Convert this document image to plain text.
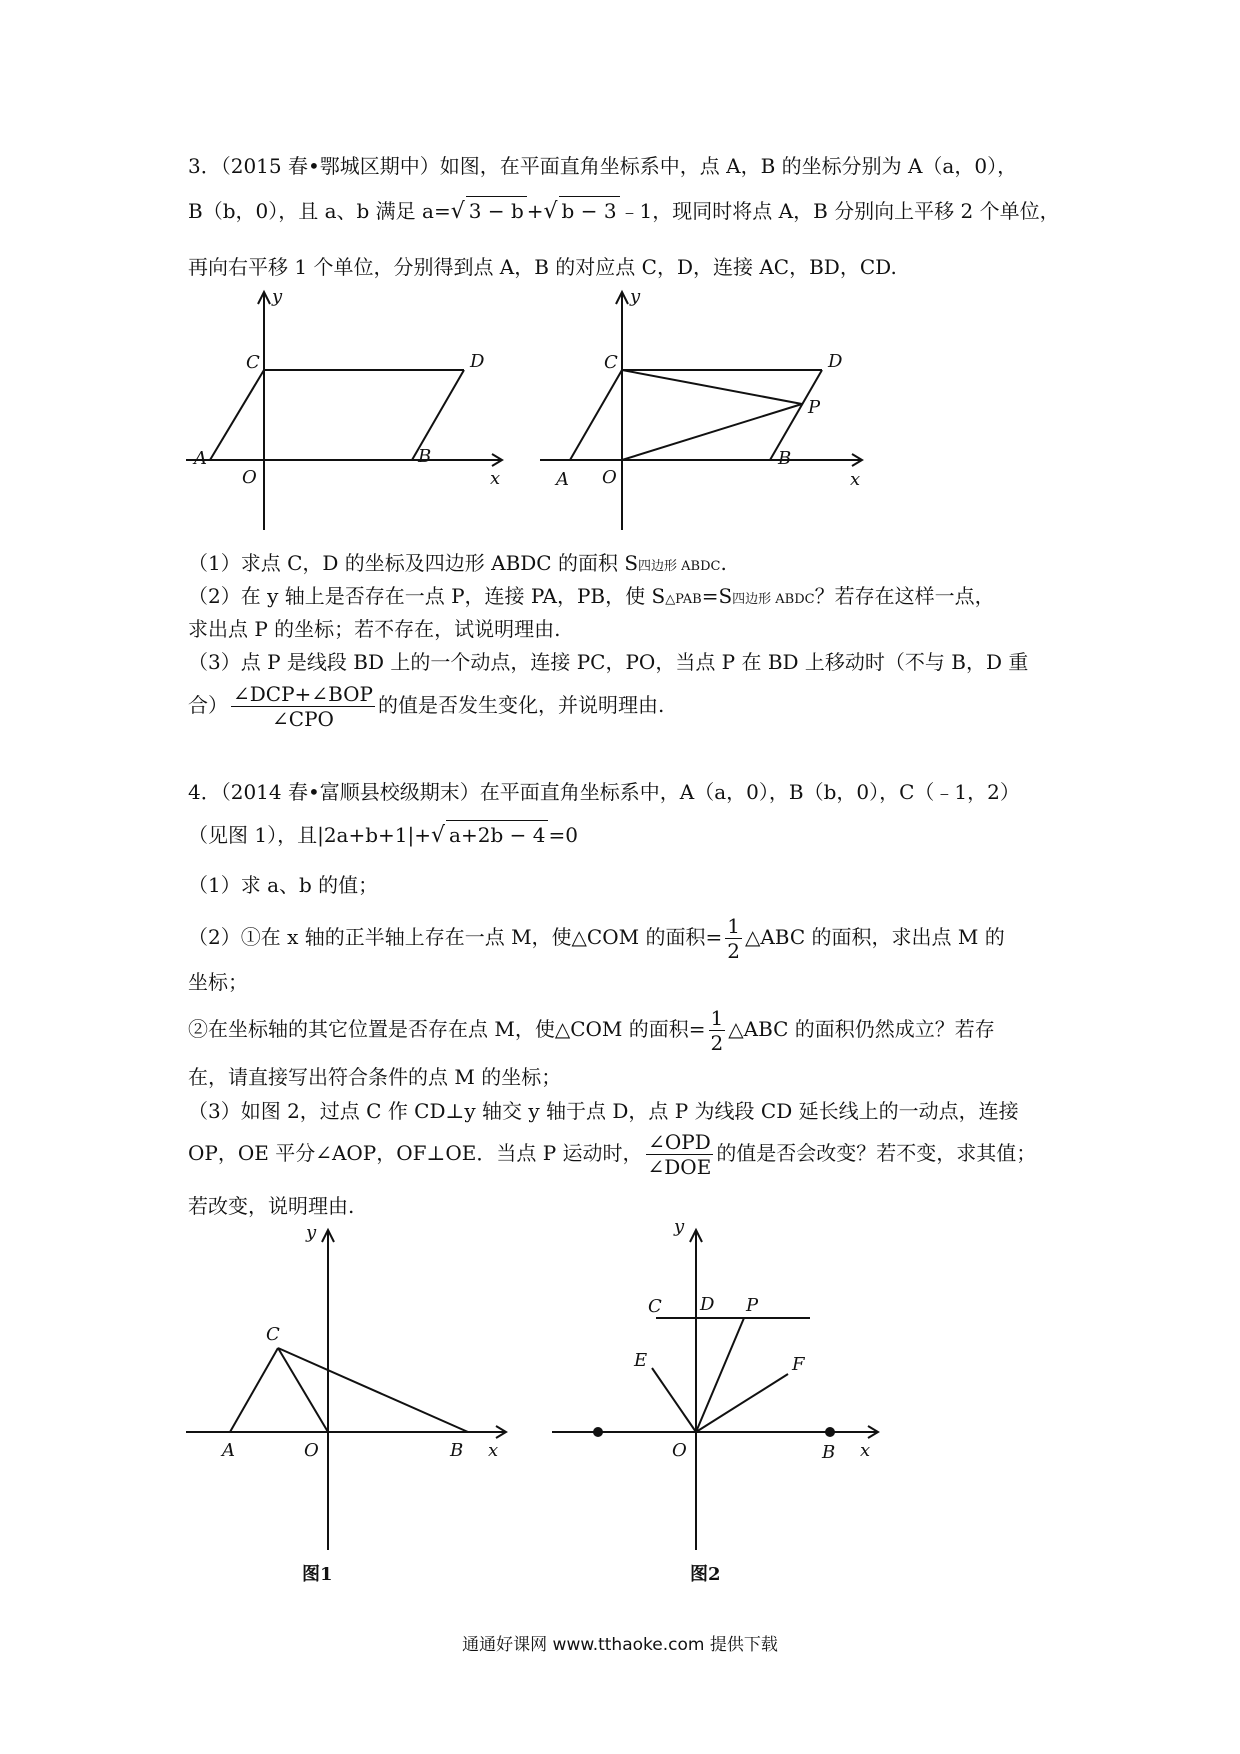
3．（2015 春•鄂城区期中）如图，在平面直角坐标系中，点 A，B 的坐标分别为 A（a，0），
B（b，0），且 a、b 满足 a=√ 3 − b +√ b − 3 ﹣1，现同时将点 A，B 分别向上平移 2 个单位，
再向右平移 1 个单位，分别得到点 A，B 的对应点 C，D，连接 AC，BD，CD.
y
x
O
A	B
C	D
y
x
O
A
B
C	D
P
（1）求点 C，D 的坐标及四边形 ABDC 的面积 S四边形 ABDC.
（2）在 y 轴上是否存在一点 P，连接 PA，PB，使 S△PAB=S四边形 ABDC？若存在这样一点，
求出点 P 的坐标；若不存在，试说明理由.
（3）点 P 是线段 BD 上的一个动点，连接 PC，PO，当点 P 在 BD 上移动时（不与 B，D 重
合） $\frac{\text{∠DCP+∠BOP}}{\text{∠CPO}}$ 的值是否发生变化，并说明理由.
4．（2014 春•富顺县校级期末）在平面直角坐标系中，A（a，0），B（b，0），C（﹣1，2）
（见图 1），且|2a+b+1|+√ a+2b − 4 =0
（1）求 a、b 的值；
（2）①在 x 轴的正半轴上存在一点 M，使△COM 的面积= $\frac{1}{2}$ △ABC 的面积，求出点 M 的
坐标；
②在坐标轴的其它位置是否存在点 M，使△COM 的面积= $\frac{1}{2}$ △ABC 的面积仍然成立？若存
在，请直接写出符合条件的点 M 的坐标；
（3）如图 2，过点 C 作 CD⊥y 轴交 y 轴于点 D，点 P 为线段 CD 延长线上的一动点，连接
OP，OE 平分∠AOP，OF⊥OE．当点 P 运动时， $\frac{\text{∠OPD}}{\text{∠DOE}}$ 的值是否会改变？若不变，求其值；
若改变，说明理由.
y
x
O
A	B
C
图1
y
x
O	B
C D P
E	F
图2
通通好课网 www.tthaoke.com 提供下载
